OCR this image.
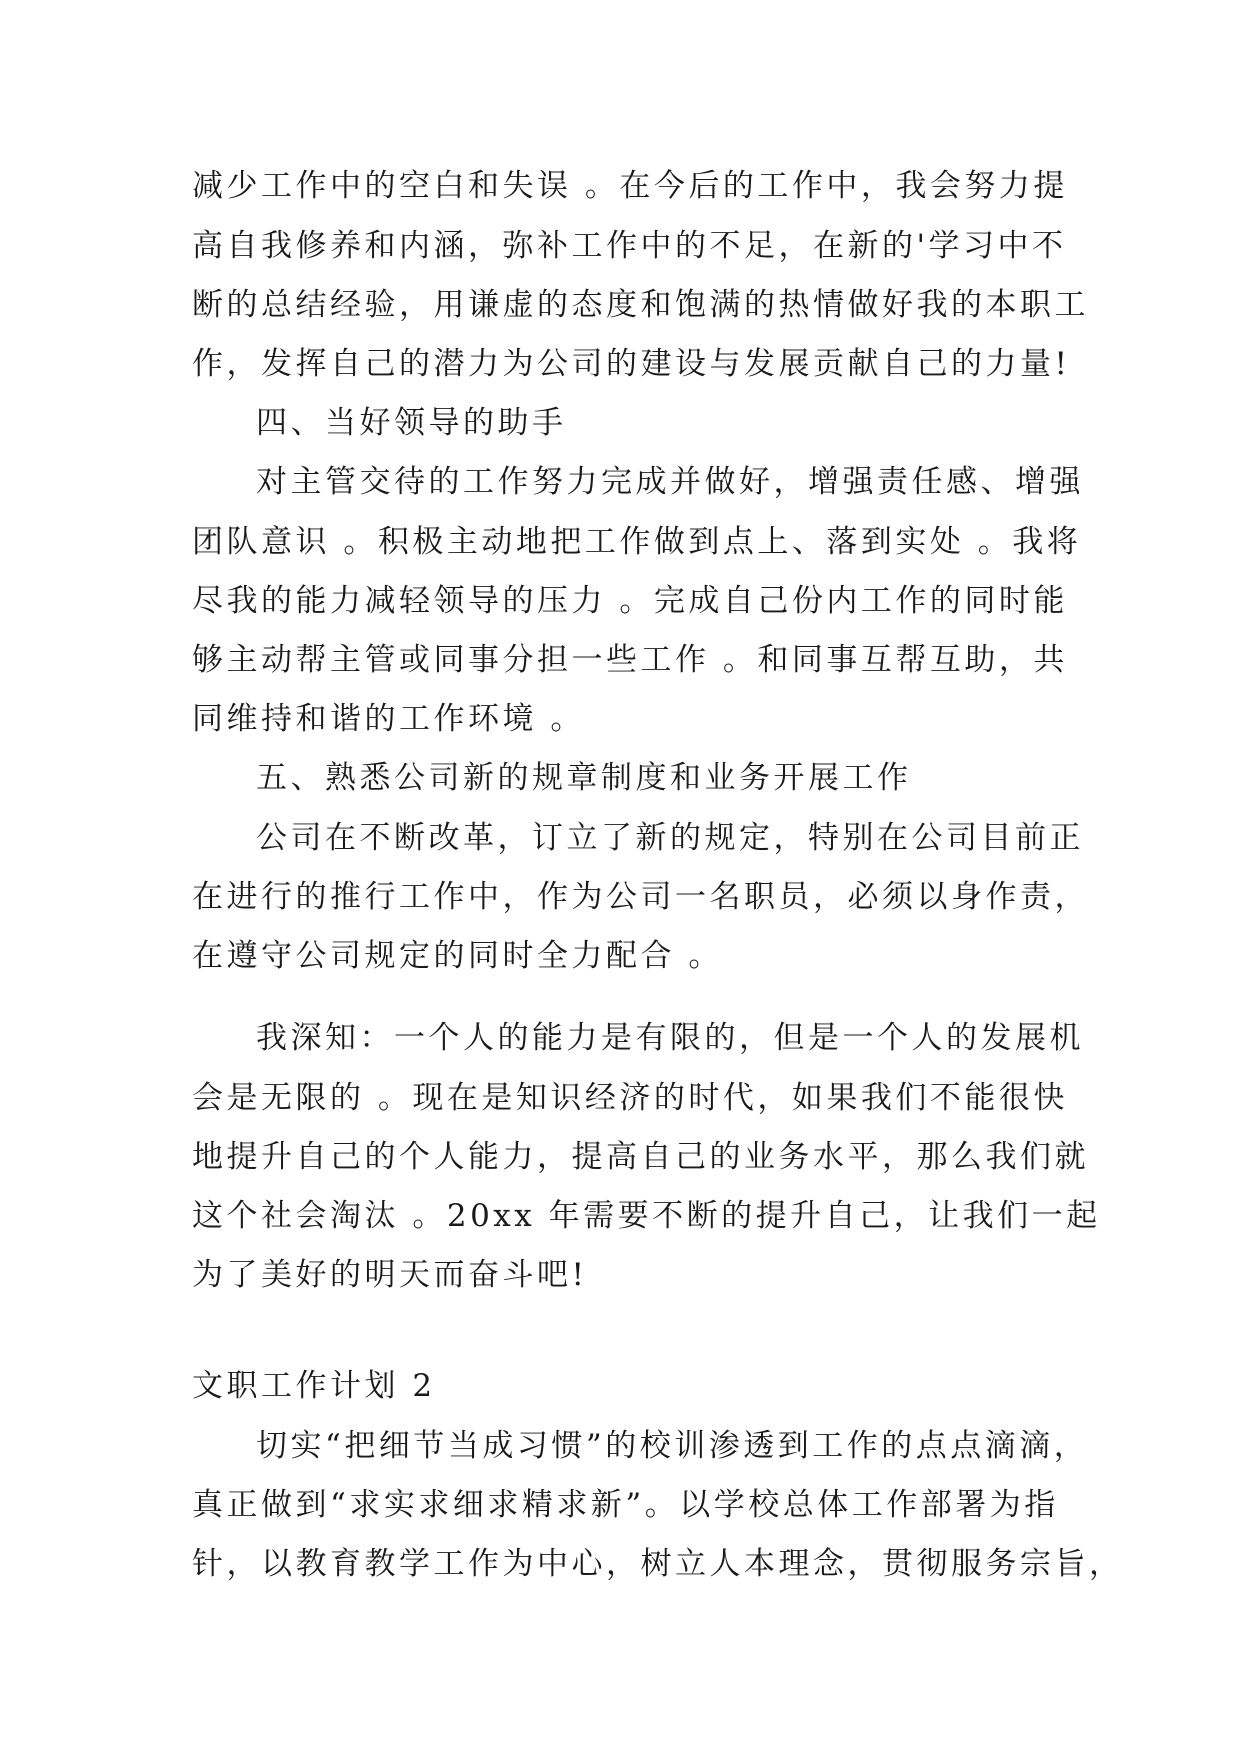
减少工作中的空白和失误 。在今后的工作中，我会努力提
高自我修养和内涵，弥补工作中的不足，在新的'学习中不
断的总结经验，用谦虚的态度和饱满的热情做好我的本职工
作，发挥自己的潜力为公司的建设与发展贡献自己的力量!
四、当好领导的助手
对主管交待的工作努力完成并做好，增强责任感、增强
团队意识 。积极主动地把工作做到点上、落到实处 。我将
尽我的能力减轻领导的压力 。完成自己份内工作的同时能
够主动帮主管或同事分担一些工作 。和同事互帮互助，共
同维持和谐的工作环境 。
五、熟悉公司新的规章制度和业务开展工作
公司在不断改革，订立了新的规定，特别在公司目前正
在进行的推行工作中，作为公司一名职员，必须以身作责，
在遵守公司规定的同时全力配合 。
我深知：一个人的能力是有限的，但是一个人的发展机
会是无限的 。现在是知识经济的时代，如果我们不能很快
地提升自己的个人能力，提高自己的业务水平，那么我们就
这个社会淘汰 。20xx 年需要不断的提升自己，让我们一起
为了美好的明天而奋斗吧!
文职工作计划 2
切实“把细节当成习惯”的校训渗透到工作的点点滴滴，
真正做到“求实求细求精求新”。以学校总体工作部署为指
针，以教育教学工作为中心，树立人本理念，贯彻服务宗旨，
